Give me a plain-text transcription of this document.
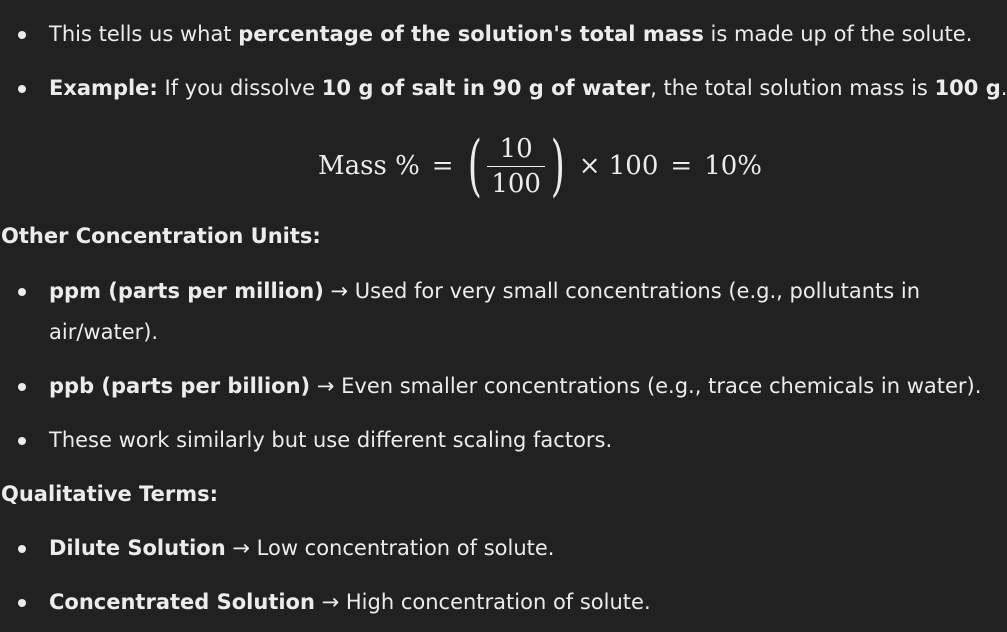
This tells us what percentage of the solution's total mass is made up of the solute.
Example: If you dissolve 10 g of salt in 90 g of water, the total solution mass is 100 g.
Mass % = ( $\frac{10}{100}$ ) × 100 = 10%
Other Concentration Units:
ppm (parts per million) → Used for very small concentrations (e.g., pollutants in
air/water).
ppb (parts per billion) → Even smaller concentrations (e.g., trace chemicals in water).
These work similarly but use different scaling factors.
Qualitative Terms:
Dilute Solution → Low concentration of solute.
Concentrated Solution → High concentration of solute.
